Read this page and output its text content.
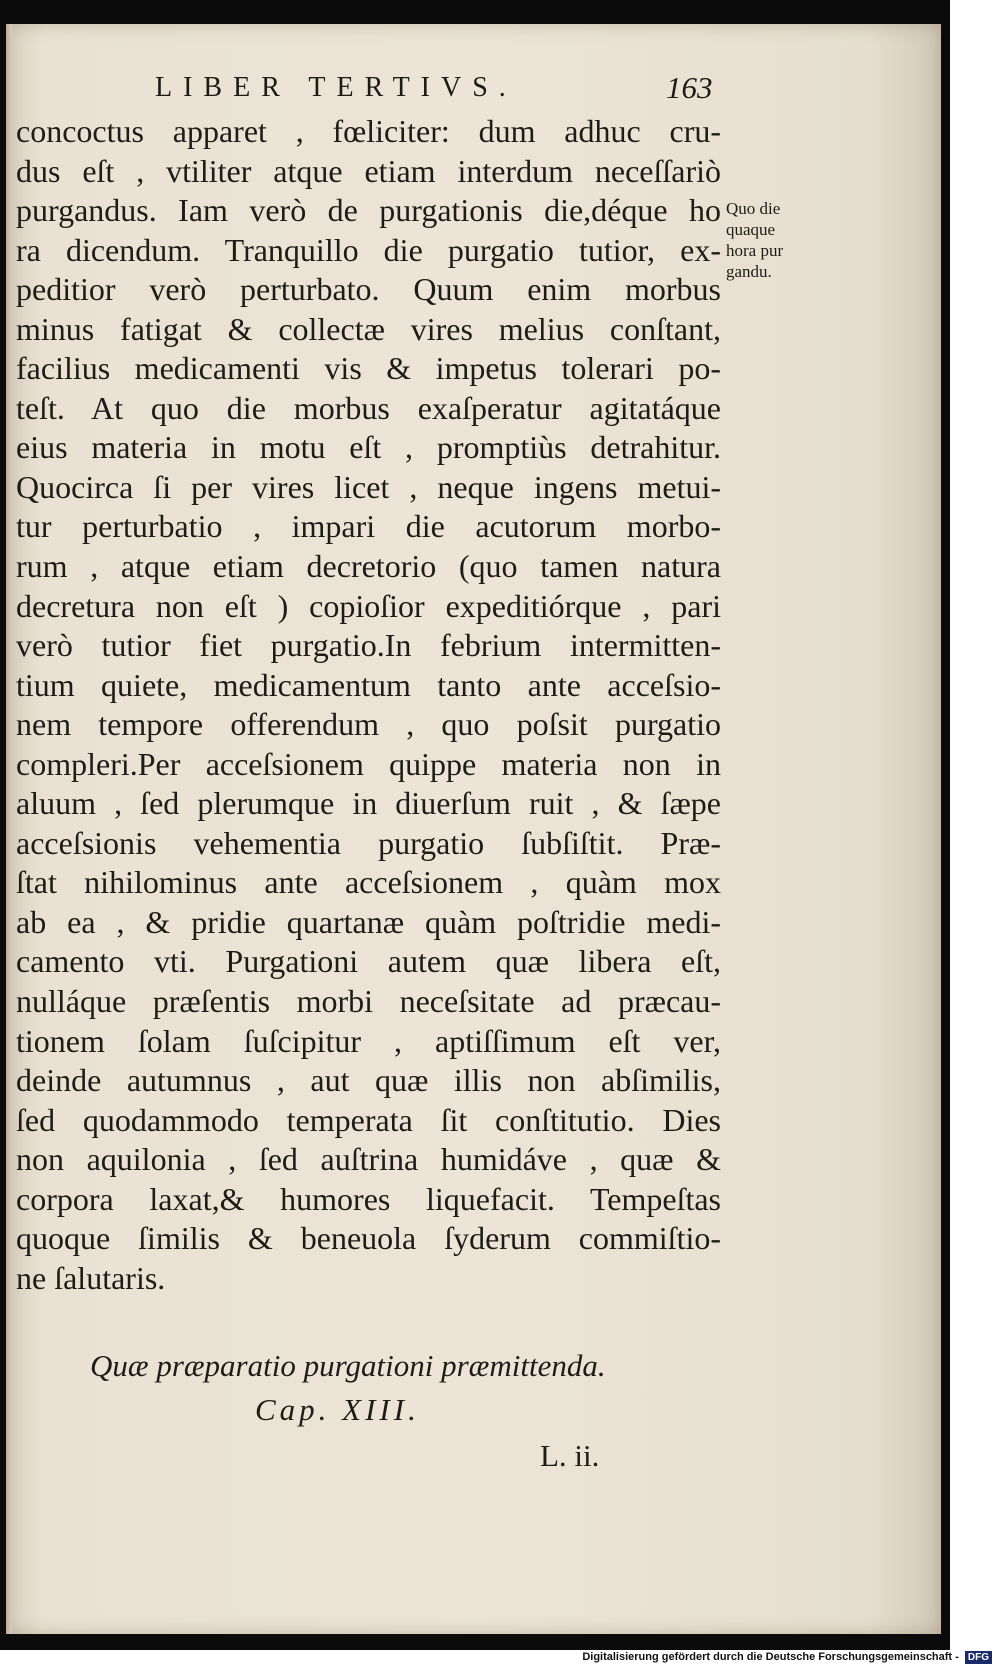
LIBER TERTIVS.	163
concoctus apparet , fœliciter: dum adhuc cru-
dus eſt , vtiliter atque etiam interdum neceſſariò
purgandus. Iam verò de purgationis die,déque ho
ra dicendum. Tranquillo die purgatio tutior, ex-
peditior verò perturbato. Quum enim morbus
minus fatigat & collectæ vires melius conſtant,
facilius medicamenti vis & impetus tolerari po-
teſt. At quo die morbus exaſperatur agitatáque
eius materia in motu eſt , promptiùs detrahitur.
Quocirca ſi per vires licet , neque ingens metui-
tur perturbatio , impari die acutorum morbo-
rum , atque etiam decretorio (quo tamen natura
decretura non eſt ) copioſior expeditiórque , pari
verò tutior fiet purgatio.In febrium intermitten-
tium quiete, medicamentum tanto ante acceſsio-
nem tempore offerendum , quo poſsit purgatio
compleri.Per acceſsionem quippe materia non in
aluum , ſed plerumque in diuerſum ruit , & ſæpe
acceſsionis vehementia purgatio ſubſiſtit. Præ-
ſtat nihilominus ante acceſsionem , quàm mox
ab ea , & pridie quartanæ quàm poſtridie medi-
camento vti. Purgationi autem quæ libera eſt,
nulláque præſentis morbi neceſsitate ad præcau-
tionem ſolam ſuſcipitur , aptiſſimum eſt ver,
deinde autumnus , aut quæ illis non abſimilis,
ſed quodammodo temperata ſit conſtitutio. Dies
non aquilonia , ſed auſtrina humidáve , quæ &
corpora laxat,& humores liquefacit. Tempeſtas
quoque ſimilis & beneuola ſyderum commiſtio-
ne ſalutaris.
Quo die
quaque
hora pur
gandu.
Quæ præparatio purgationi præmittenda.
Cap. XIII.
L. ii.
Digitalisierung gefördert durch die Deutsche Forschungsgemeinschaft - DFG
